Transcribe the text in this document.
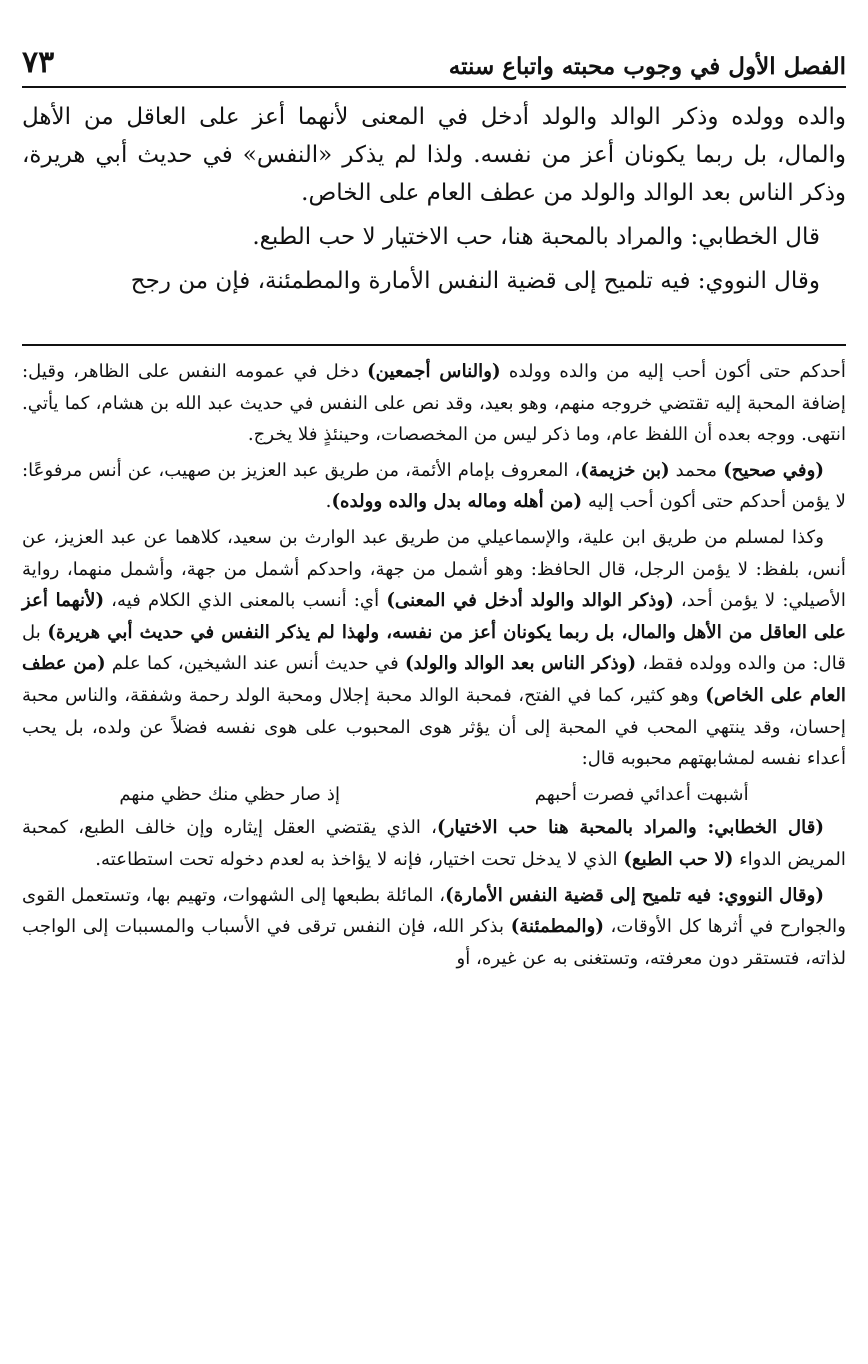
الفصل الأول في وجوب محبته واتباع سنته
٧٣

والده وولده وذكر الوالد والولد أدخل في المعنى لأنهما أعز على العاقل من الأهل والمال، بل ربما يكونان أعز من نفسه. ولذا لم يذكر «النفس» في حديث أبي هريرة، وذكر الناس بعد الوالد والولد من عطف العام على الخاص.

قال الخطابي: والمراد بالمحبة هنا، حب الاختيار لا حب الطبع.

وقال النووي: فيه تلميح إلى قضية النفس الأمارة والمطمئنة، فإن من رجح

أحدكم حتى أكون أحب إليه من والده وولده (والناس أجمعين) دخل في عمومه النفس على الظاهر، وقيل: إضافة المحبة إليه تقتضي خروجه منهم، وهو بعيد، وقد نص على النفس في حديث عبد الله بن هشام، كما يأتي. انتهى. ووجه بعده أن اللفظ عام، وما ذكر ليس من المخصصات، وحينئذٍ فلا يخرج.

(وفي صحيح) محمد (بن خزيمة)، المعروف بإمام الأئمة، من طريق عبد العزيز بن صهيب، عن أنس مرفوعًا: لا يؤمن أحدكم حتى أكون أحب إليه (من أهله وماله بدل والده وولده).

وكذا لمسلم من طريق ابن علية، والإسماعيلي من طريق عبد الوارث بن سعيد، كلاهما عن عبد العزيز، عن أنس، بلفظ: لا يؤمن الرجل، قال الحافظ: وهو أشمل من جهة، واحدكم أشمل من جهة، وأشمل منهما، رواية الأصيلي: لا يؤمن أحد، (وذكر الوالد والولد أدخل في المعنى) أي: أنسب بالمعنى الذي الكلام فيه، (لأنهما أعز على العاقل من الأهل والمال، بل ربما يكونان أعز من نفسه، ولهذا لم يذكر النفس في حديث أبي هريرة) بل قال: من والده وولده فقط، (وذكر الناس بعد الوالد والولد) في حديث أنس عند الشيخين، كما علم (من عطف العام على الخاص) وهو كثير، كما في الفتح، فمحبة الوالد محبة إجلال ومحبة الولد رحمة وشفقة، والناس محبة إحسان، وقد ينتهي المحب في المحبة إلى أن يؤثر هوى المحبوب على هوى نفسه فضلاً عن ولده، بل يحب أعداء نفسه لمشابهتهم محبوبه قال:

أشبهت أعدائي فصرت أحبهم
إذ صار حظي منك حظي منهم

(قال الخطابي: والمراد بالمحبة هنا حب الاختيار)، الذي يقتضي العقل إيثاره وإن خالف الطبع، كمحبة المريض الدواء (لا حب الطبع) الذي لا يدخل تحت اختيار، فإنه لا يؤاخذ به لعدم دخوله تحت استطاعته.

(وقال النووي: فيه تلميح إلى قضية النفس الأمارة)، المائلة بطبعها إلى الشهوات، وتهيم بها، وتستعمل القوى والجوارح في أثرها كل الأوقات، (والمطمئنة) بذكر الله، فإن النفس ترقى في الأسباب والمسببات إلى الواجب لذاته، فتستقر دون معرفته، وتستغنى به عن غيره، أو
